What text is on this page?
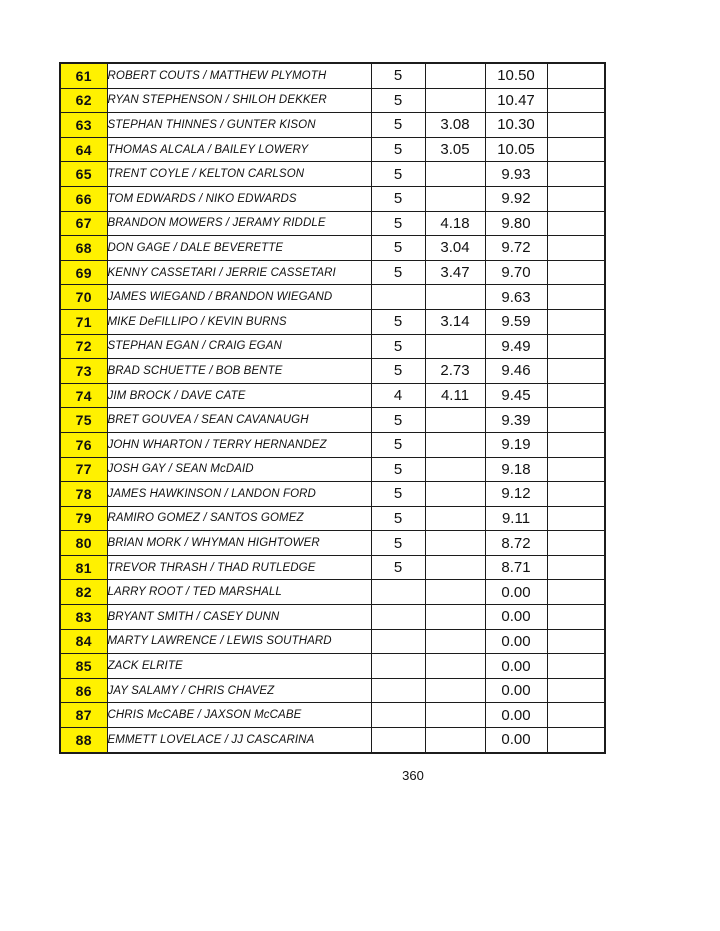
61	ROBERT COUTS / MATTHEW PLYMOTH	5		10.50	
62	RYAN STEPHENSON / SHILOH DEKKER	5		10.47	
63	STEPHAN THINNES / GUNTER KISON	5	3.08	10.30	
64	THOMAS ALCALA / BAILEY LOWERY	5	3.05	10.05	
65	TRENT COYLE / KELTON CARLSON	5		9.93	
66	TOM EDWARDS / NIKO EDWARDS	5		9.92	
67	BRANDON MOWERS / JERAMY RIDDLE	5	4.18	9.80	
68	DON GAGE / DALE BEVERETTE	5	3.04	9.72	
69	KENNY CASSETARI / JERRIE CASSETARI	5	3.47	9.70	
70	JAMES WIEGAND / BRANDON WIEGAND			9.63	
71	MIKE DeFILLIPO / KEVIN BURNS	5	3.14	9.59	
72	STEPHAN EGAN / CRAIG EGAN	5		9.49	
73	BRAD SCHUETTE / BOB BENTE	5	2.73	9.46	
74	JIM BROCK / DAVE CATE	4	4.11	9.45	
75	BRET GOUVEA / SEAN CAVANAUGH	5		9.39	
76	JOHN WHARTON / TERRY HERNANDEZ	5		9.19	
77	JOSH GAY / SEAN McDAID	5		9.18	
78	JAMES HAWKINSON / LANDON FORD	5		9.12	
79	RAMIRO GOMEZ / SANTOS GOMEZ	5		9.11	
80	BRIAN MORK / WHYMAN HIGHTOWER	5		8.72	
81	TREVOR THRASH / THAD RUTLEDGE	5		8.71	
82	LARRY ROOT / TED MARSHALL			0.00	
83	BRYANT SMITH / CASEY DUNN			0.00	
84	MARTY LAWRENCE / LEWIS SOUTHARD			0.00	
85	ZACK ELRITE			0.00	
86	JAY SALAMY / CHRIS CHAVEZ			0.00	
87	CHRIS McCABE / JAXSON McCABE			0.00	
88	EMMETT LOVELACE / JJ CASCARINA			0.00	
360
